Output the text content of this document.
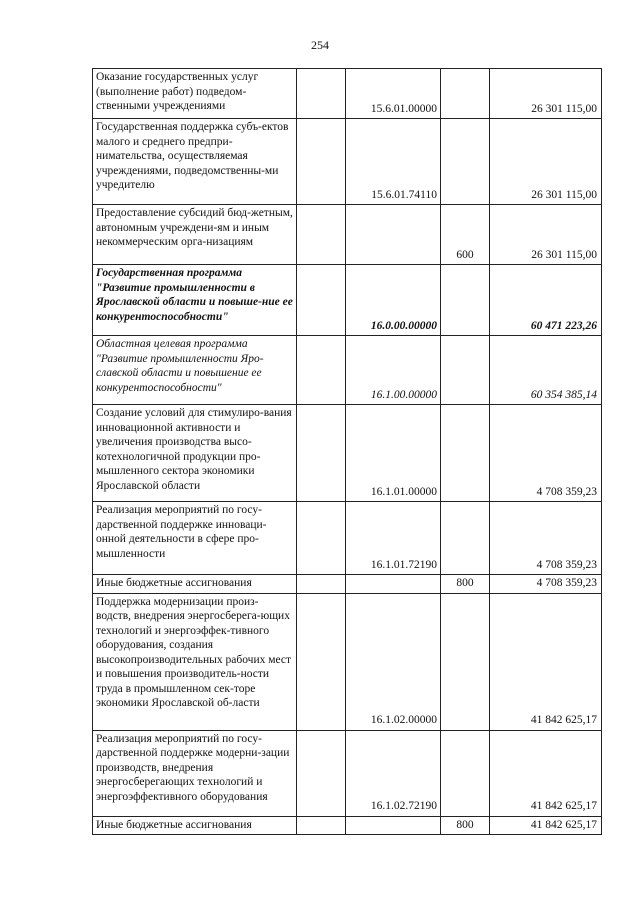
254
Оказание государственных услуг (выполнение работ) подведом-ственными учреждениями		15.6.01.00000		26 301 115,00
Государственная поддержка субъ-ектов малого и среднего предпри-нимательства, осуществляемая учреждениями, подведомственны-ми учредителю		15.6.01.74110		26 301 115,00
Предоставление субсидий бюд-жетным, автономным учреждени-ям и иным некоммерческим орга-низациям			600	26 301 115,00
Государственная программа "Развитие промышленности в Ярославской области и повыше-ние ее конкурентоспособности"		16.0.00.00000		60 471 223,26
Областная целевая программа "Развитие промышленности Яро-славской области и повышение ее конкурентоспособности"		16.1.00.00000		60 354 385,14
Создание условий для стимулиро-вания инновационной активности и увеличения производства высо-котехнологичной продукции про-мышленного сектора экономики Ярославской области		16.1.01.00000		4 708 359,23
Реализация мероприятий по госу-дарственной поддержке инноваци-онной деятельности в сфере про-мышленности		16.1.01.72190		4 708 359,23
Иные бюджетные ассигнования			800	4 708 359,23
Поддержка модернизации произ-водств, внедрения энергосберега-ющих технологий и энергоэффек-тивного оборудования, создания высокопроизводительных рабочих мест и повышения производитель-ности труда в промышленном сек-торе экономики Ярославской об-ласти		16.1.02.00000		41 842 625,17
Реализация мероприятий по госу-дарственной поддержке модерни-зации производств, внедрения энергосберегающих технологий и энергоэффективного оборудования		16.1.02.72190		41 842 625,17
Иные бюджетные ассигнования			800	41 842 625,17
